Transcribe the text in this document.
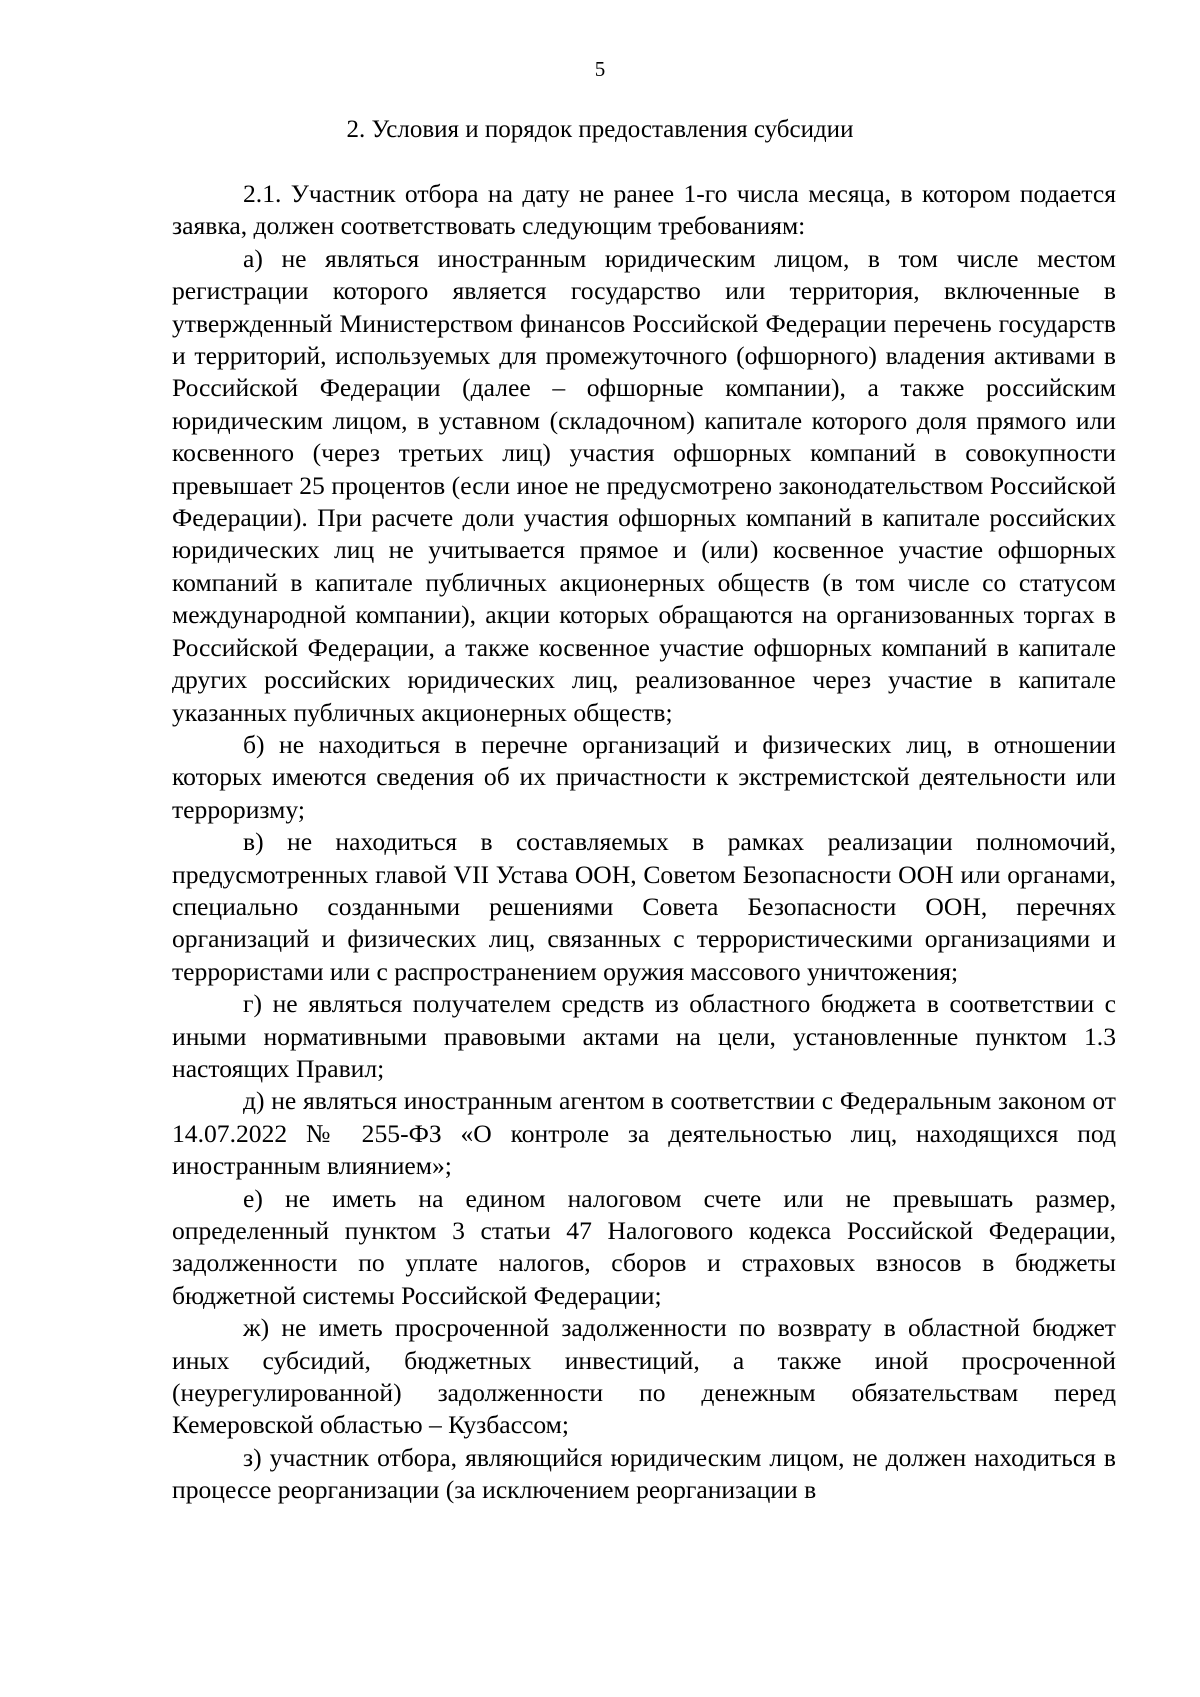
5
2. Условия и порядок предоставления субсидии

2.1. Участник отбора на дату не ранее 1-го числа месяца, в котором подается заявка, должен соответствовать следующим требованиям:

а) не являться иностранным юридическим лицом, в том числе местом регистрации которого является государство или территория, включенные в утвержденный Министерством финансов Российской Федерации перечень государств и территорий, используемых для промежуточного (офшорного) владения активами в Российской Федерации (далее – офшорные компании), а также российским юридическим лицом, в уставном (складочном) капитале которого доля прямого или косвенного (через третьих лиц) участия офшорных компаний в совокупности превышает 25 процентов (если иное не предусмотрено законодательством Российской Федерации). При расчете доли участия офшорных компаний в капитале российских юридических лиц не учитывается прямое и (или) косвенное участие офшорных компаний в капитале публичных акционерных обществ (в том числе со статусом международной компании), акции которых обращаются на организованных торгах в Российской Федерации, а также косвенное участие офшорных компаний в капитале других российских юридических лиц, реализованное через участие в капитале указанных публичных акционерных обществ;

б) не находиться в перечне организаций и физических лиц, в отношении которых имеются сведения об их причастности к экстремистской деятельности или терроризму;

в) не находиться в составляемых в рамках реализации полномочий, предусмотренных главой VII Устава ООН, Советом Безопасности ООН или органами, специально созданными решениями Совета Безопасности ООН, перечнях организаций и физических лиц, связанных с террористическими организациями и террористами или с распространением оружия массового уничтожения;

г) не являться получателем средств из областного бюджета в соответствии с иными нормативными правовыми актами на цели, установленные пунктом 1.3 настоящих Правил;

д) не являться иностранным агентом в соответствии с Федеральным законом от 14.07.2022 № 255-ФЗ «О контроле за деятельностью лиц, находящихся под иностранным влиянием»;

е) не иметь на едином налоговом счете или не превышать размер, определенный пунктом 3 статьи 47 Налогового кодекса Российской Федерации, задолженности по уплате налогов, сборов и страховых взносов в бюджеты бюджетной системы Российской Федерации;

ж) не иметь просроченной задолженности по возврату в областной бюджет иных субсидий, бюджетных инвестиций, а также иной просроченной (неурегулированной) задолженности по денежным обязательствам перед Кемеровской областью – Кузбассом;

з) участник отбора, являющийся юридическим лицом, не должен находиться в процессе реорганизации (за исключением реорганизации в
